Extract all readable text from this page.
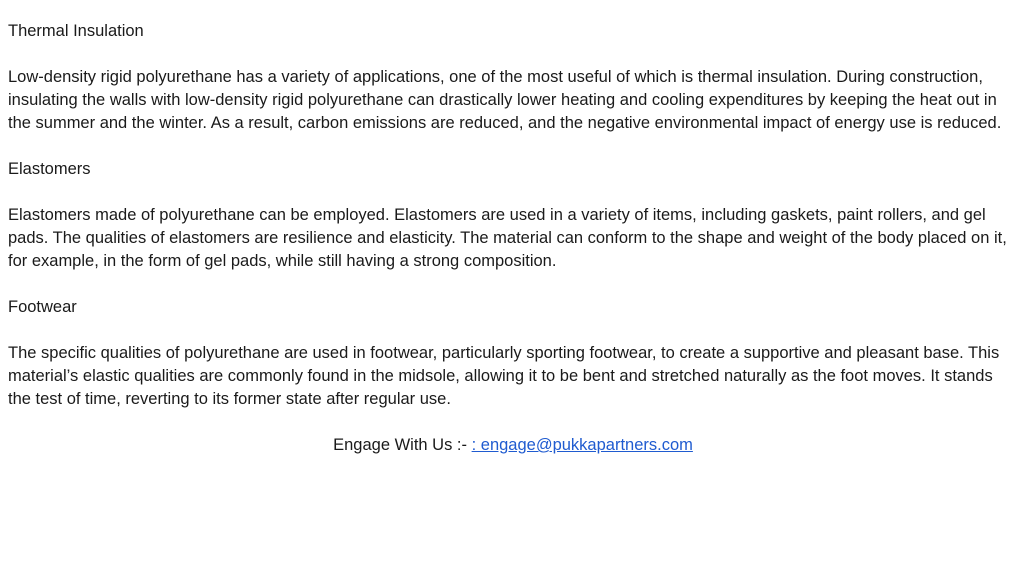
Thermal Insulation

Low-density rigid polyurethane has a variety of applications, one of the most useful of which is thermal insulation. During construction, insulating the walls with low-density rigid polyurethane can drastically lower heating and cooling expenditures by keeping the heat out in the summer and the winter. As a result, carbon emissions are reduced, and the negative environmental impact of energy use is reduced.

Elastomers

Elastomers made of polyurethane can be employed. Elastomers are used in a variety of items, including gaskets, paint rollers, and gel pads. The qualities of elastomers are resilience and elasticity. The material can conform to the shape and weight of the body placed on it, for example, in the form of gel pads, while still having a strong composition.

Footwear

The specific qualities of polyurethane are used in footwear, particularly sporting footwear, to create a supportive and pleasant base. This material’s elastic qualities are commonly found in the midsole, allowing it to be bent and stretched naturally as the foot moves. It stands the test of time, reverting to its former state after regular use.

Engage With Us :- : engage@pukkapartners.com
